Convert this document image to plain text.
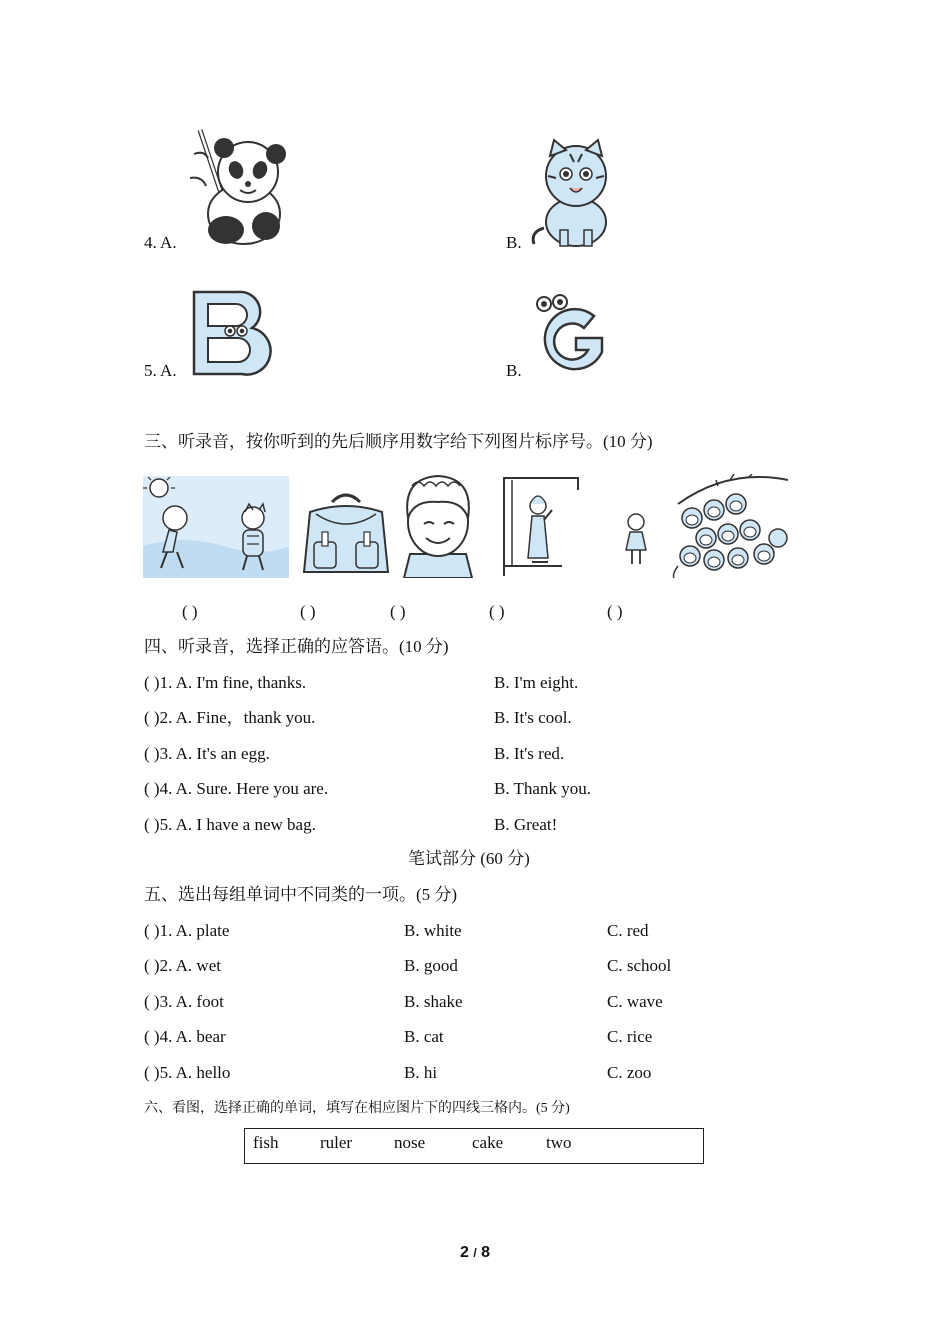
4. A.	B.
5. A.	B.
三、听录音，按你听到的先后顺序用数字给下列图片标序号。(10 分)
( )	( )	( )	( )	( )
四、听录音，选择正确的应答语。(10 分)
( )1. A. I'm fine, thanks.	B. I'm eight.
( )2. A. Fine，thank you.	B. It's cool.
( )3. A. It's an egg.	B. It's red.
( )4. A. Sure. Here you are.	B. Thank you.
( )5. A. I have a new bag.	B. Great!
笔试部分 (60 分)
五、选出每组单词中不同类的一项。(5 分)
( )1. A. plate	B. white	C. red
( )2. A. wet	B. good	C. school
( )3. A. foot	B. shake	C. wave
( )4. A. bear	B. cat	C. rice
( )5. A. hello	B. hi	C. zoo
六、看图，选择正确的单词，填写在相应图片下的四线三格内。(5 分)
fish ruler nose	cake	two
2 / 8
